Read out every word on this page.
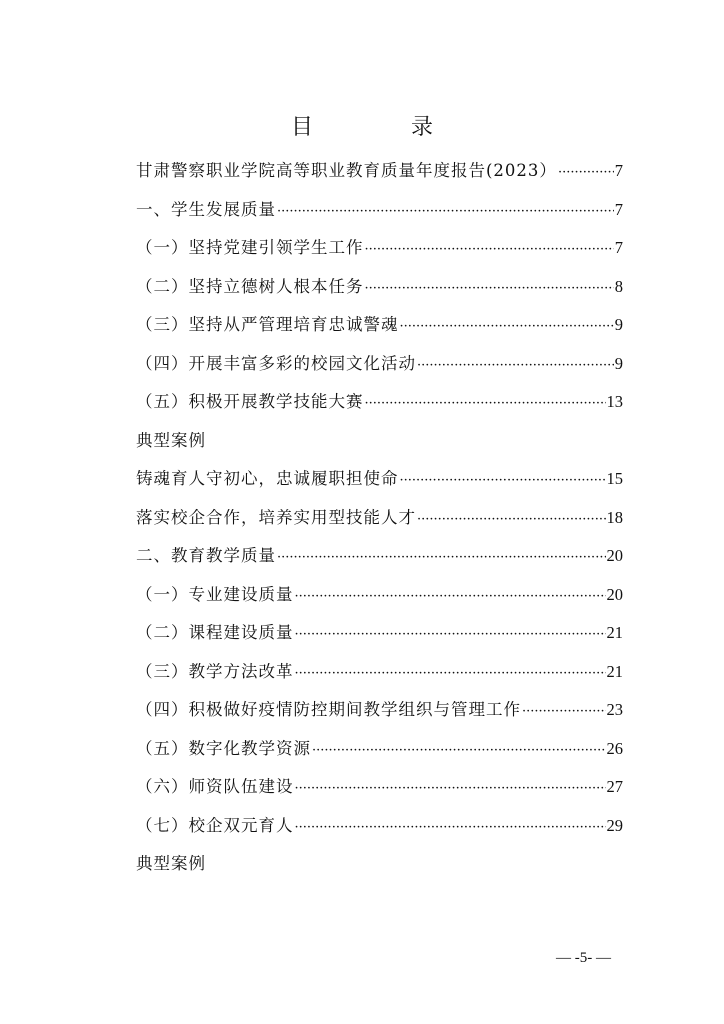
目　录
甘肃警察职业学院高等职业教育质量年度报告(2023） ·····	7
一、学生发展质量 ·····	7
（一）坚持党建引领学生工作 ·····	7
（二）坚持立德树人根本任务 ·····	8
（三）坚持从严管理培育忠诚警魂 ·····	9
（四）开展丰富多彩的校园文化活动 ·····	9
（五）积极开展教学技能大赛 ·····	13
典型案例
铸魂育人守初心，忠诚履职担使命 ·····	15
落实校企合作，培养实用型技能人才 ·····	18
二、教育教学质量 ·····	20
（一）专业建设质量 ·····	20
（二）课程建设质量 ·····	21
（三）教学方法改革 ·····	21
（四）积极做好疫情防控期间教学组织与管理工作 ·····	23
（五）数字化教学资源 ·····	26
（六）师资队伍建设 ·····	27
（七）校企双元育人 ·····	29
典型案例
— -5- —
